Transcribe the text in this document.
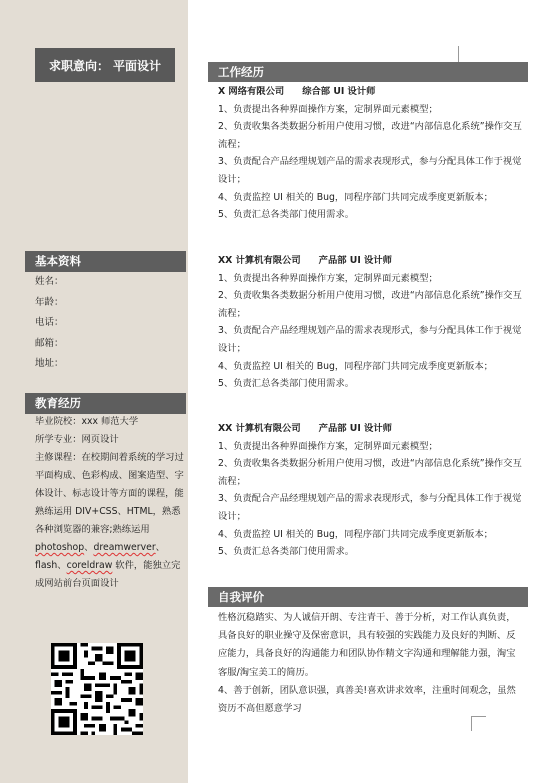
求职意向： 平面设计
基本资料
姓名：
年龄：
电话：
邮箱：
地址：
教育经历

毕业院校：xxx 师范大学

所学专业：网页设计

主修课程：在校期间着系统的学习过平面构成、色彩构成、图案造型、字体设计、标志设计等方面的课程，能熟练运用 DIV+CSS、HTML，熟悉各种浏览器的兼容;熟练运用 photoshop、dreamwerver、flash、coreldraw 软件，能独立完成网站前台页面设计

工作经历

X 网络有限公司 综合部 UI 设计师

1、负责提出各种界面操作方案，定制界面元素模型；

2、负责收集各类数据分析用户使用习惯，改进“内部信息化系统”操作交互流程；

3、负责配合产品经理规划产品的需求表现形式，参与分配具体工作于视觉设计；

4、负责监控 UI 相关的 Bug，同程序部门共同完成季度更新版本；

5、负责汇总各类部门使用需求。

XX 计算机有限公司 产品部 UI 设计师

1、负责提出各种界面操作方案，定制界面元素模型；

2、负责收集各类数据分析用户使用习惯，改进“内部信息化系统”操作交互流程；

3、负责配合产品经理规划产品的需求表现形式，参与分配具体工作于视觉设计；

4、负责监控 UI 相关的 Bug，同程序部门共同完成季度更新版本；

5、负责汇总各类部门使用需求。

XX 计算机有限公司 产品部 UI 设计师

1、负责提出各种界面操作方案，定制界面元素模型；

2、负责收集各类数据分析用户使用习惯，改进“内部信息化系统”操作交互流程；

3、负责配合产品经理规划产品的需求表现形式，参与分配具体工作于视觉设计；

4、负责监控 UI 相关的 Bug，同程序部门共同完成季度更新版本；

5、负责汇总各类部门使用需求。

自我评价

性格沉稳踏实、为人诚信开朗、专注青干、善于分析，对工作认真负责，具备良好的职业操守及保密意识，具有较强的实践能力及良好的判断、反应能力，具备良好的沟通能力和团队协作精文字沟通和理解能力强，淘宝客服/淘宝美工的简历。

4、善于创新，团队意识强，真善美!喜欢讲求效率，注重时间观念，虽然资历不高但愿意学习
